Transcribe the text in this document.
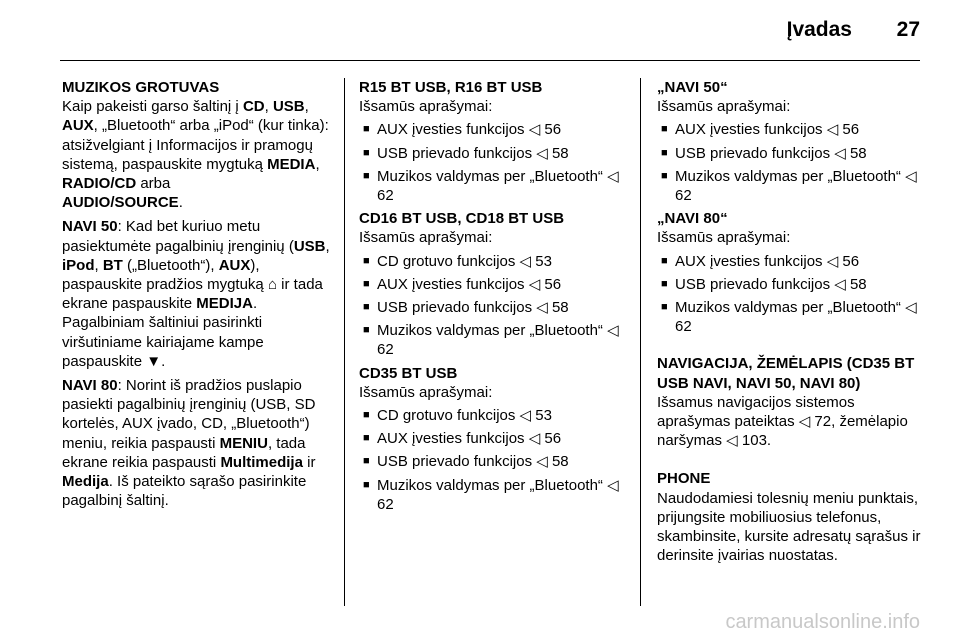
Įvadas 27

MUZIKOS GROTUVAS

Kaip pakeisti garso šaltinį į CD, USB,
AUX, „Bluetooth“ arba „iPod“ (kur tinka): atsižvelgiant į Informacijos ir pramogų sistemą, paspauskite mygtuką MEDIA, RADIO/CD arba
AUDIO/SOURCE.

NAVI 50: Kad bet kuriuo metu pasiektumėte pagalbinių įrenginių (USB, iPod, BT („Bluetooth“), AUX), paspauskite pradžios mygtuką ⌂ ir tada ekrane paspauskite MEDIJA. Pagalbiniam šaltiniui pasirinkti viršutiniame kairiajame kampe paspauskite ▼.

NAVI 80: Norint iš pradžios puslapio pasiekti pagalbinių įrenginių (USB, SD kortelės, AUX įvado, CD, „Bluetooth“) meniu, reikia paspausti MENIU, tada ekrane reikia paspausti Multimedija ir Medija. Iš pateikto sąrašo pasirinkite pagalbinį šaltinį.

R15 BT USB, R16 BT USB

Išsamūs aprašymai:

■ AUX įvesties funkcijos ◁ 56
■ USB prievado funkcijos ◁ 58
■ Muzikos valdymas per „Bluetooth“ ◁ 62

CD16 BT USB, CD18 BT USB

Išsamūs aprašymai:

■ CD grotuvo funkcijos ◁ 53
■ AUX įvesties funkcijos ◁ 56
■ USB prievado funkcijos ◁ 58
■ Muzikos valdymas per „Bluetooth“ ◁ 62

CD35 BT USB

Išsamūs aprašymai:

■ CD grotuvo funkcijos ◁ 53
■ AUX įvesties funkcijos ◁ 56
■ USB prievado funkcijos ◁ 58
■ Muzikos valdymas per „Bluetooth“ ◁ 62

„NAVI 50“

Išsamūs aprašymai:

■ AUX įvesties funkcijos ◁ 56
■ USB prievado funkcijos ◁ 58
■ Muzikos valdymas per „Bluetooth“ ◁ 62

„NAVI 80“

Išsamūs aprašymai:

■ AUX įvesties funkcijos ◁ 56
■ USB prievado funkcijos ◁ 58
■ Muzikos valdymas per „Bluetooth“ ◁ 62

NAVIGACIJA, ŽEMĖLAPIS (CD35 BT USB NAVI, NAVI 50, NAVI 80)

Išsamus navigacijos sistemos aprašymas pateiktas ◁ 72, žemėlapio naršymas ◁ 103.

PHONE

Naudodamiesi tolesnių meniu punktais, prijungsite mobiliuosius telefonus, skambinsite, kursite adresatų sąrašus ir derinsite įvairias nuostatas.

carmanualsonline.info
